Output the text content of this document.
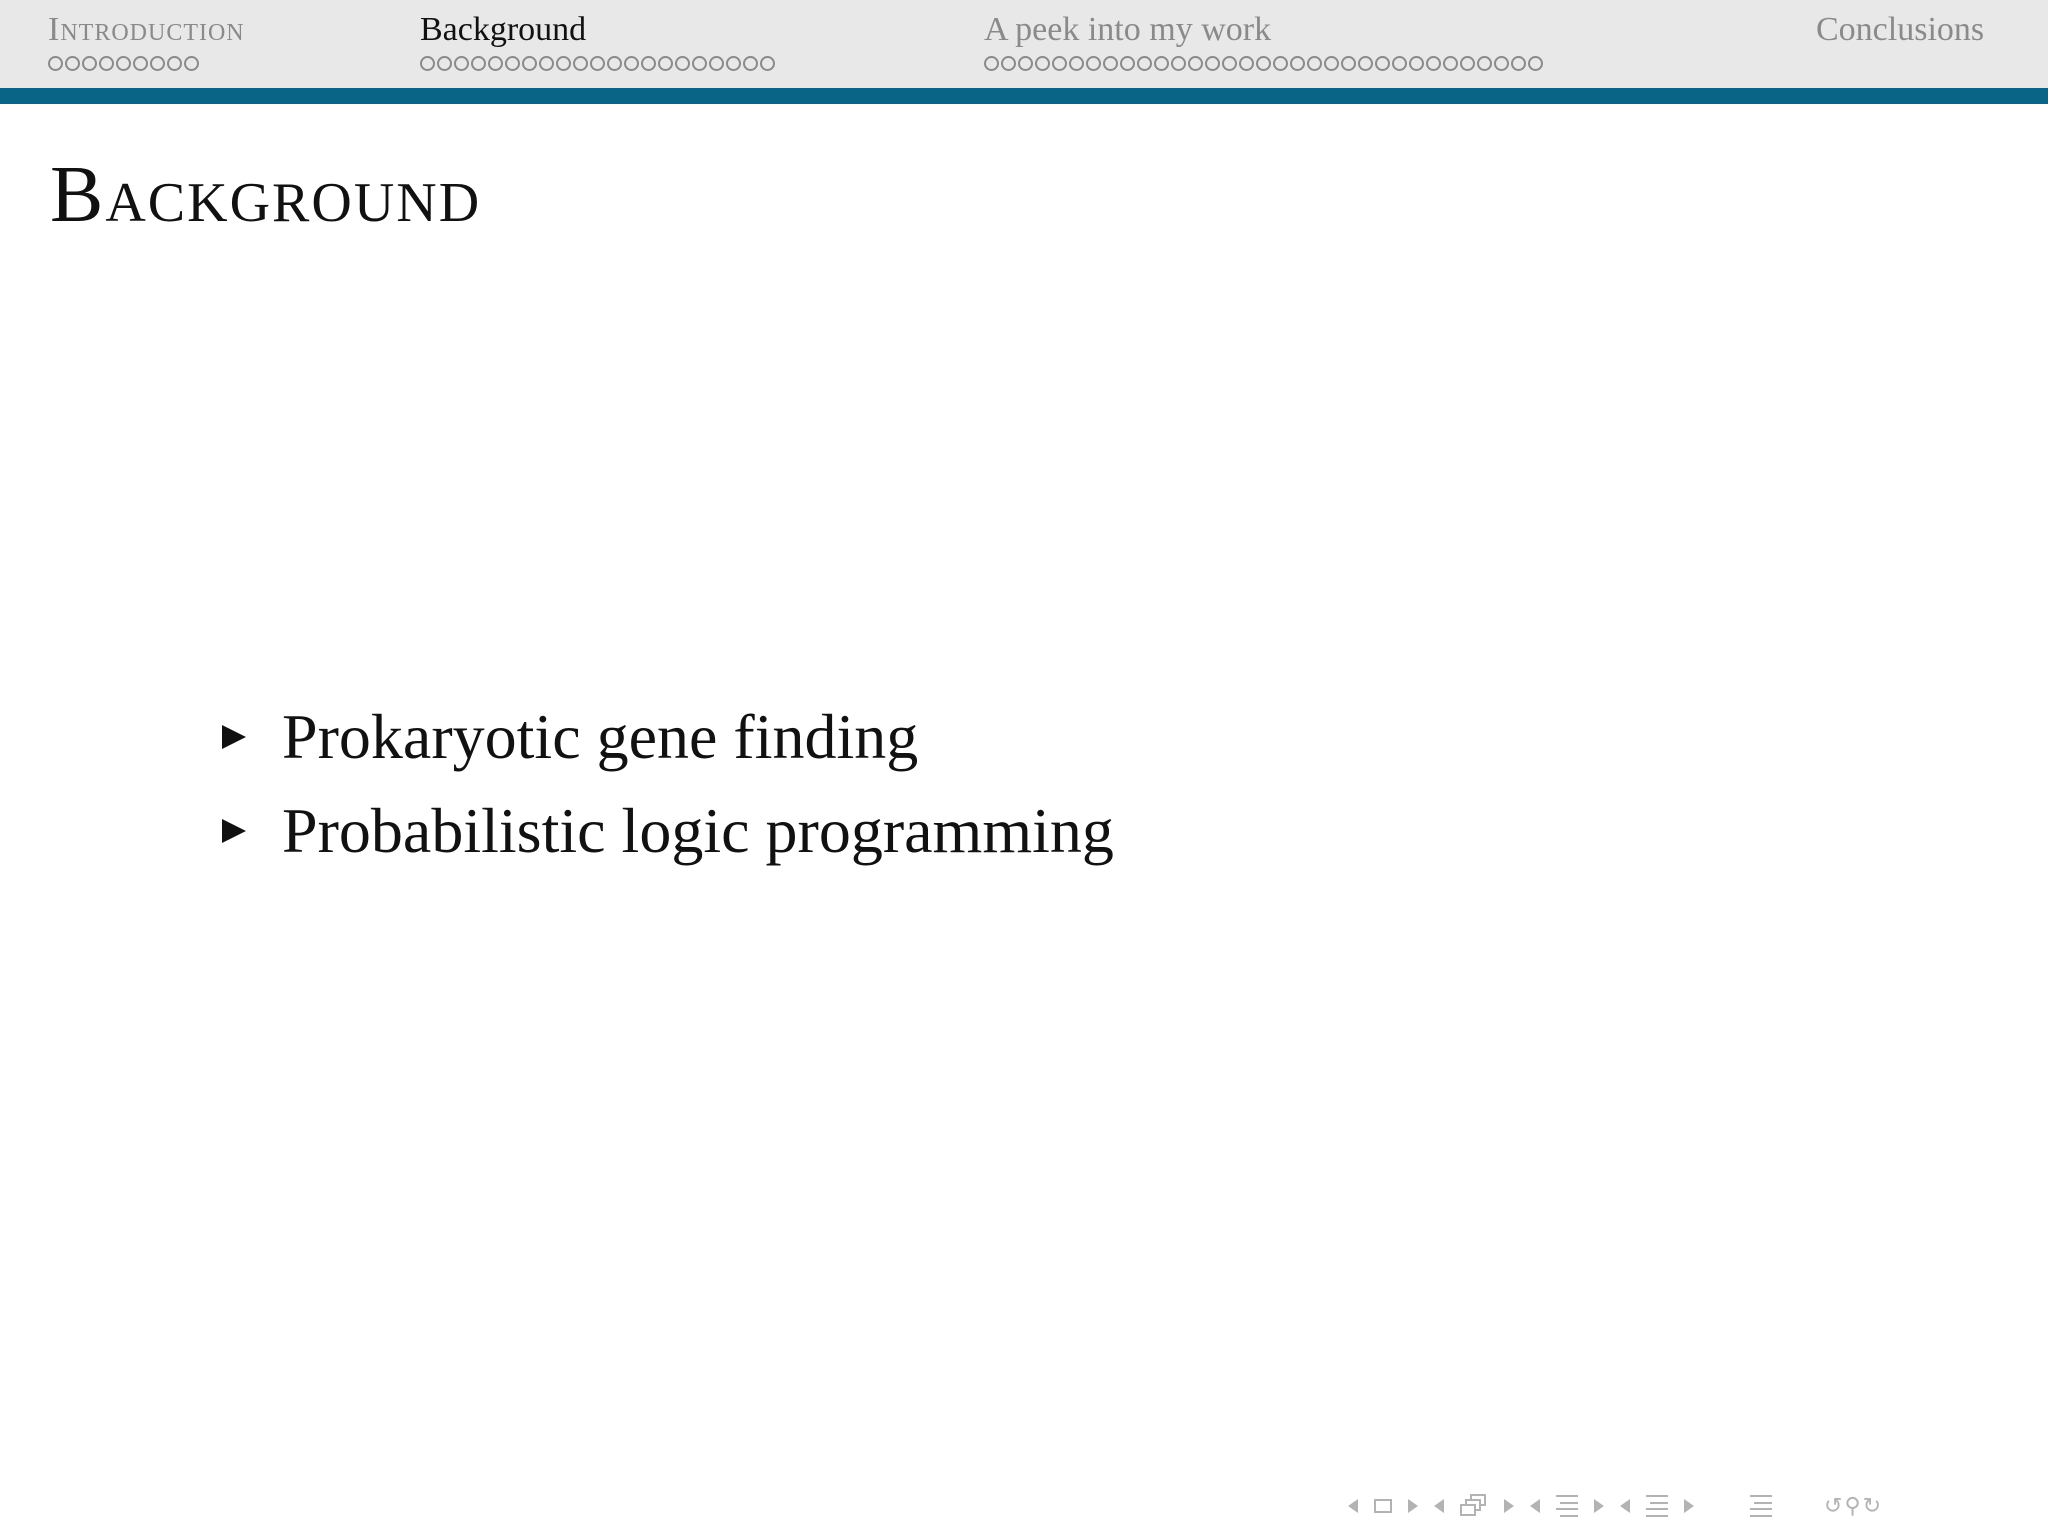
Introduction	Background	A peek into my work	Conclusions
Background
Prokaryotic gene finding
Probabilistic logic programming
↺ ⚲ ↻
